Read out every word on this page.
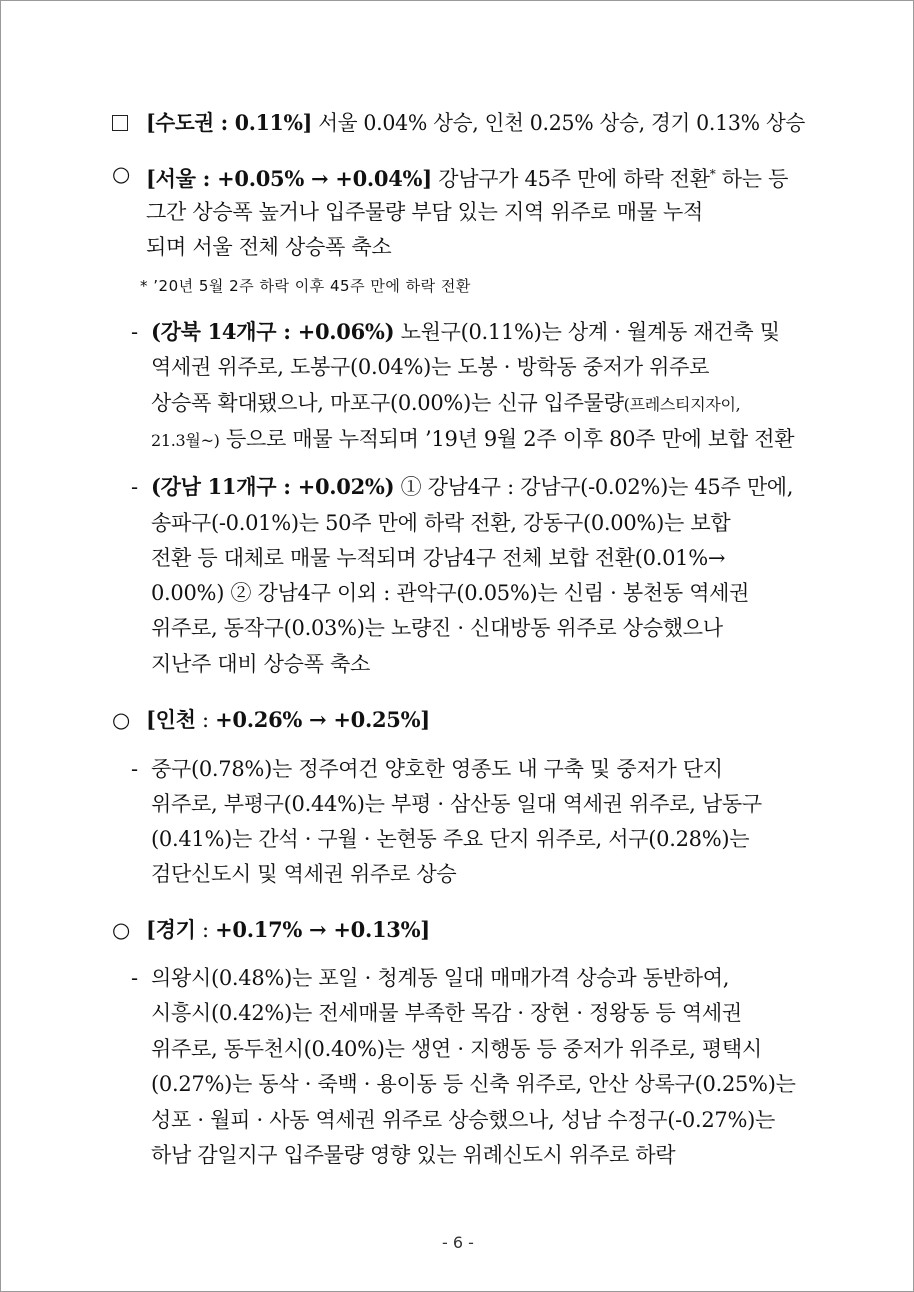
[수도권 : 0.11%] 서울 0.04% 상승, 인천 0.25% 상승, 경기 0.13% 상승
○ [서울 : +0.05% → +0.04%] 강남구가 45주 만에 하락 전환* 하는 등
그간 상승폭 높거나 입주물량 부담 있는 지역 위주로 매물 누적
되며 서울 전체 상승폭 축소
* ’20년 5월 2주 하락 이후 45주 만에 하락 전환
- (강북 14개구 : +0.06%) 노원구(0.11%)는 상계 · 월계동 재건축 및
역세권 위주로, 도봉구(0.04%)는 도봉 · 방학동 중저가 위주로
상승폭 확대됐으나, 마포구(0.00%)는 신규 입주물량(프레스티지자이,
21.3월~) 등으로 매물 누적되며 ’19년 9월 2주 이후 80주 만에 보합 전환
- (강남 11개구 : +0.02%) ① 강남4구 : 강남구(-0.02%)는 45주 만에,
송파구(-0.01%)는 50주 만에 하락 전환, 강동구(0.00%)는 보합
전환 등 대체로 매물 누적되며 강남4구 전체 보합 전환(0.01%→
0.00%) ② 강남4구 이외 : 관악구(0.05%)는 신림 · 봉천동 역세권
위주로, 동작구(0.03%)는 노량진 · 신대방동 위주로 상승했으나
지난주 대비 상승폭 축소
○ [인천 : +0.26% → +0.25%]
- 중구(0.78%)는 정주여건 양호한 영종도 내 구축 및 중저가 단지
위주로, 부평구(0.44%)는 부평 · 삼산동 일대 역세권 위주로, 남동구
(0.41%)는 간석 · 구월 · 논현동 주요 단지 위주로, 서구(0.28%)는
검단신도시 및 역세권 위주로 상승
○ [경기 : +0.17% → +0.13%]
- 의왕시(0.48%)는 포일 · 청계동 일대 매매가격 상승과 동반하여,
시흥시(0.42%)는 전세매물 부족한 목감 · 장현 · 정왕동 등 역세권
위주로, 동두천시(0.40%)는 생연 · 지행동 등 중저가 위주로, 평택시
(0.27%)는 동삭 · 죽백 · 용이동 등 신축 위주로, 안산 상록구(0.25%)는
성포 · 월피 · 사동 역세권 위주로 상승했으나, 성남 수정구(-0.27%)는
하남 감일지구 입주물량 영향 있는 위례신도시 위주로 하락
- 6 -
